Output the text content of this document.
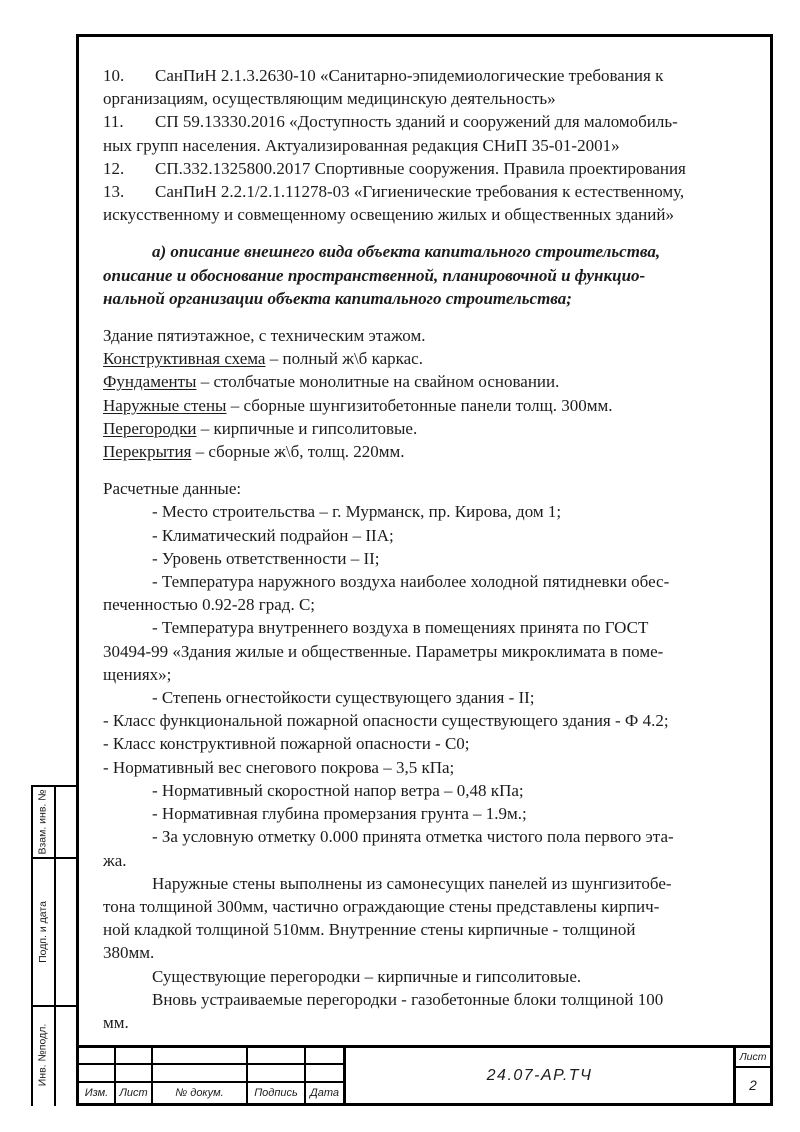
10. СанПиН 2.1.3.2630-10 «Санитарно-эпидемиологические требования к
организациям, осуществляющим медицинскую деятельность»
11. СП 59.13330.2016 «Доступность зданий и сооружений для маломобиль-
ных групп населения. Актуализированная редакция СНиП 35-01-2001»
12. СП.332.1325800.2017 Спортивные сооружения. Правила проектирования
13. СанПиН 2.2.1/2.1.11278-03 «Гигиенические требования к естественному,
искусственному и совмещенному освещению жилых и общественных зданий»
а) описание внешнего вида объекта капитального строительства,
описание и обоснование пространственной, планировочной и функцио-
нальной организации объекта капитального строительства;
Здание пятиэтажное, с техническим этажом.
Конструктивная схема – полный ж\б каркас.
Фундаменты – столбчатые монолитные на свайном основании.
Наружные стены – сборные шунгизитобетонные панели толщ. 300мм.
Перегородки – кирпичные и гипсолитовые.
Перекрытия – сборные ж\б, толщ. 220мм.
Расчетные данные:
- Место строительства – г. Мурманск, пр. Кирова, дом 1;
- Климатический подрайон – IIА;
- Уровень ответственности – II;
- Температура наружного воздуха наиболее холодной пятидневки обес-
печенностью 0.92-28 град. С;
- Температура внутреннего воздуха в помещениях принята по ГОСТ
30494-99 «Здания жилые и общественные. Параметры микроклимата в поме-
щениях»;
- Степень огнестойкости существующего здания - II;
- Класс функциональной пожарной опасности существующего здания - Ф 4.2;
- Класс конструктивной пожарной опасности - С0;
- Нормативный вес снегового покрова – 3,5 кПа;
- Нормативный скоростной напор ветра – 0,48 кПа;
- Нормативная глубина промерзания грунта – 1.9м.;
- За условную отметку 0.000 принята отметка чистого пола первого эта-
жа.
Наружные стены выполнены из самонесущих панелей из шунгизитобе-
тона толщиной 300мм, частично ограждающие стены представлены кирпич-
ной кладкой толщиной 510мм. Внутренние стены кирпичные - толщиной
380мм.
Существующие перегородки – кирпичные и гипсолитовые.
Вновь устраиваемые перегородки - газобетонные блоки толщиной 100
мм.
Взам. инв. №
Подп. и дата
Инв. №подл.
Изм.	Лист	№ докум.	Подпись	Дата
24.07-АР.ТЧ
Лист
2
